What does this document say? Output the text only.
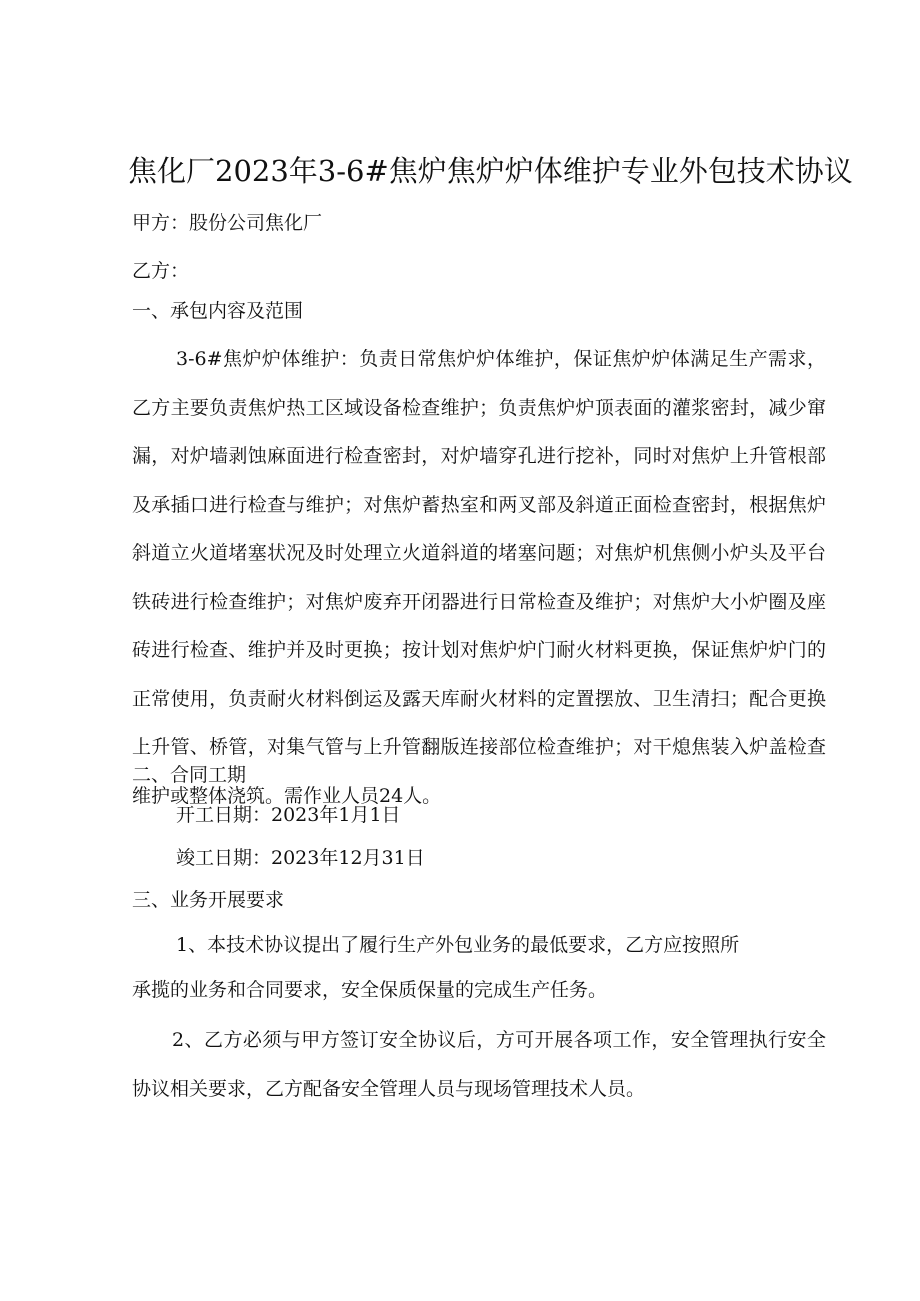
焦化厂2023年3-6#焦炉焦炉炉体维护专业外包技术协议
甲方：股份公司焦化厂
乙方：
一、承包内容及范围
3-6#焦炉炉体维护：负责日常焦炉炉体维护，保证焦炉炉体满足生产需求，乙方主要负责焦炉热工区域设备检查维护；负责焦炉炉顶表面的灌浆密封，减少窜漏，对炉墙剥蚀麻面进行检查密封，对炉墙穿孔进行挖补，同时对焦炉上升管根部及承插口进行检查与维护；对焦炉蓄热室和两叉部及斜道正面检查密封，根据焦炉斜道立火道堵塞状况及时处理立火道斜道的堵塞问题；对焦炉机焦侧小炉头及平台铁砖进行检查维护；对焦炉废弃开闭器进行日常检查及维护；对焦炉大小炉圈及座砖进行检查、维护并及时更换；按计划对焦炉炉门耐火材料更换，保证焦炉炉门的正常使用，负责耐火材料倒运及露天库耐火材料的定置摆放、卫生清扫；配合更换上升管、桥管，对集气管与上升管翻版连接部位检查维护；对干熄焦装入炉盖检查维护或整体浇筑。需作业人员24人。
二、合同工期
开工日期：2023年1月1日
竣工日期：2023年12月31日
三、业务开展要求
1、本技术协议提出了履行生产外包业务的最低要求，乙方应按照所
承揽的业务和合同要求，安全保质保量的完成生产任务。
2、乙方必须与甲方签订安全协议后，方可开展各项工作，安全管理执行安全协议相关要求，乙方配备安全管理人员与现场管理技术人员。
